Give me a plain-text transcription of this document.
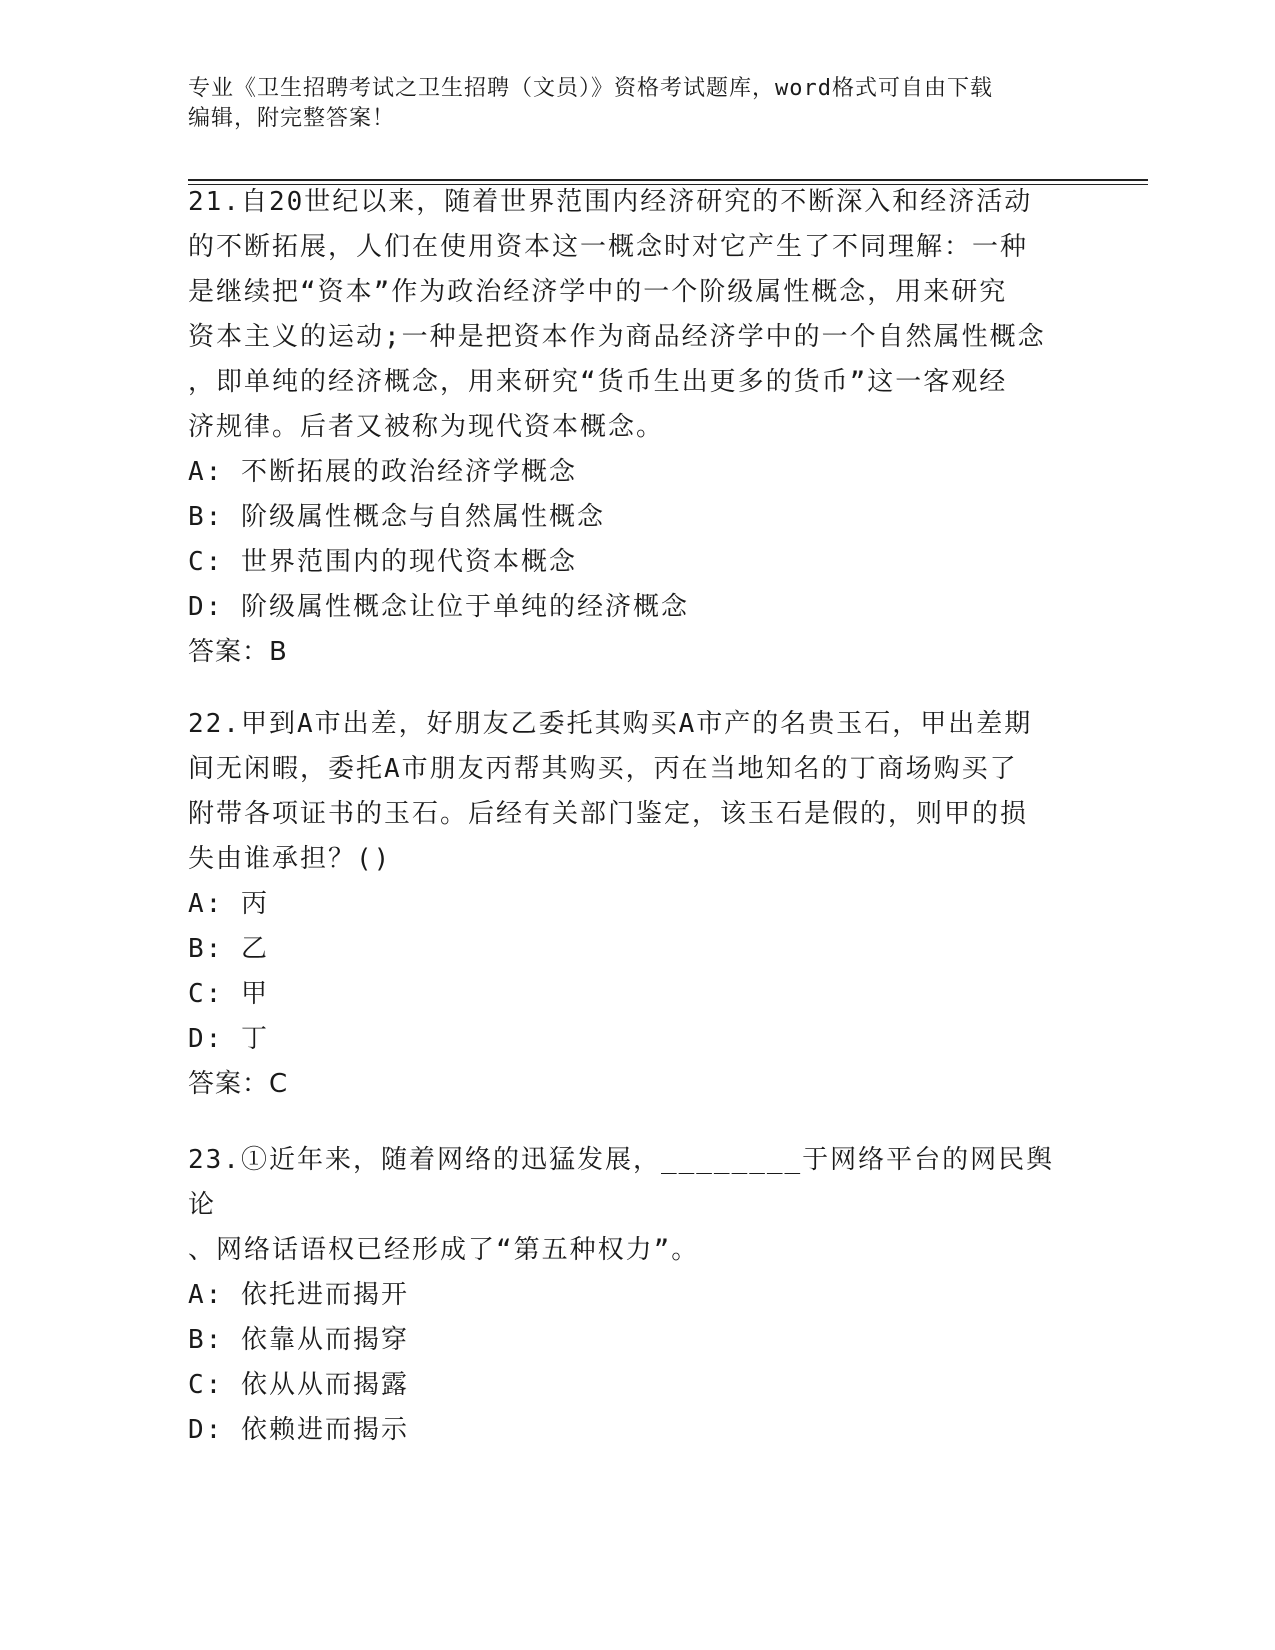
专业《卫生招聘考试之卫生招聘（文员）》资格考试题库，word格式可自由下载
编辑，附完整答案！

21.自20世纪以来，随着世界范围内经济研究的不断深入和经济活动

的不断拓展，人们在使用资本这一概念时对它产生了不同理解：一种

是继续把“资本”作为政治经济学中的一个阶级属性概念，用来研究

资本主义的运动;一种是把资本作为商品经济学中的一个自然属性概念

，即单纯的经济概念，用来研究“货币生出更多的货币”这一客观经

济规律。后者又被称为现代资本概念。

A: 不断拓展的政治经济学概念

B: 阶级属性概念与自然属性概念

C: 世界范围内的现代资本概念

D: 阶级属性概念让位于单纯的经济概念

答案：B

22.甲到A市出差，好朋友乙委托其购买A市产的名贵玉石，甲出差期

间无闲暇，委托A市朋友丙帮其购买，丙在当地知名的丁商场购买了

附带各项证书的玉石。后经有关部门鉴定，该玉石是假的，则甲的损

失由谁承担？()

A: 丙

B: 乙

C: 甲

D: 丁

答案：C

23.①近年来，随着网络的迅猛发展，________于网络平台的网民舆论

、网络话语权已经形成了“第五种权力”。

A: 依托进而揭开

B: 依靠从而揭穿

C: 依从从而揭露

D: 依赖进而揭示
